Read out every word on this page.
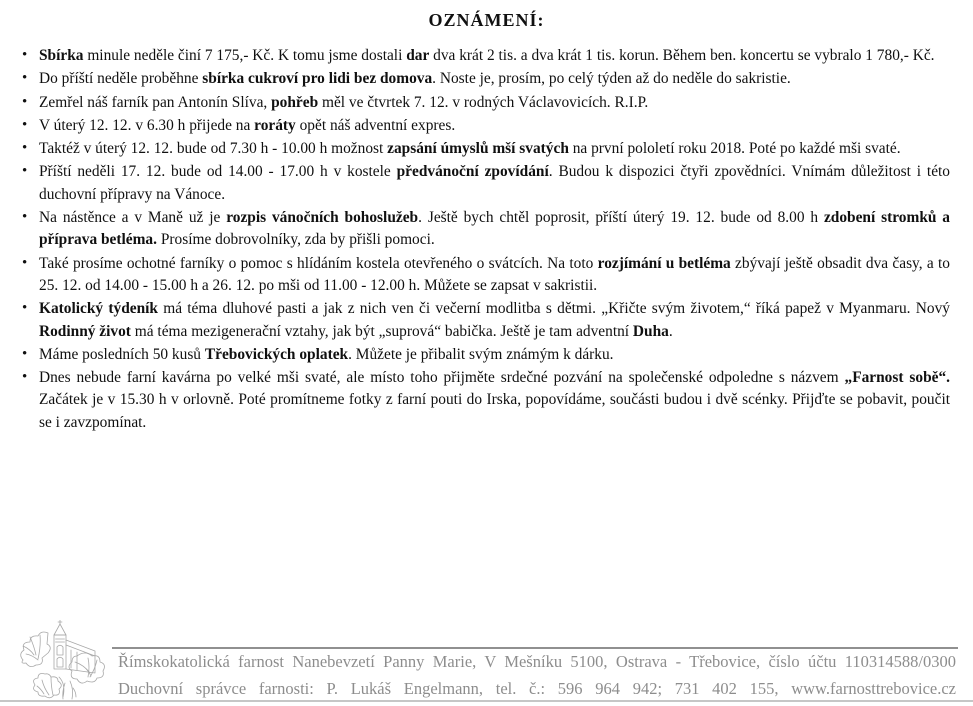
OZNÁMENÍ:
• Sbírka minule neděle činí 7 175,- Kč. K tomu jsme dostali dar dva krát 2 tis. a dva krát 1 tis. korun. Během ben. koncertu se vybralo 1 780,- Kč.
• Do příští neděle proběhne sbírka cukroví pro lidi bez domova. Noste je, prosím, po celý týden až do neděle do sakristie.
• Zemřel náš farník pan Antonín Slíva, pohřeb měl ve čtvrtek 7. 12. v rodných Václavovicích. R.I.P.
• V úterý 12. 12. v 6.30 h přijede na roráty opět náš adventní expres.
• Taktéž v úterý 12. 12. bude od 7.30 h - 10.00 h možnost zapsání úmyslů mší svatých na první pololetí roku 2018. Poté po každé mši svaté.
• Příští neděli 17. 12. bude od 14.00 - 17.00 h v kostele předvánoční zpovídání. Budou k dispozici čtyři zpovědníci. Vnímám důležitost i této duchovní přípravy na Vánoce.
• Na nástěnce a v Maně už je rozpis vánočních bohoslužeb. Ještě bych chtěl poprosit, příští úterý 19. 12. bude od 8.00 h zdobení stromků a příprava betléma. Prosíme dobrovolníky, zda by přišli pomoci.
• Také prosíme ochotné farníky o pomoc s hlídáním kostela otevřeného o svátcích. Na toto rozjímání u betléma zbývají ještě obsadit dva časy, a to 25. 12. od 14.00 - 15.00 h a 26. 12. po mši od 11.00 - 12.00 h. Můžete se zapsat v sakristii.
• Katolický týdeník má téma dluhové pasti a jak z nich ven či večerní modlitba s dětmi. „Křičte svým životem,“ říká papež v Myanmaru. Nový Rodinný život má téma mezigenerační vztahy, jak být „suprová“ babička. Ještě je tam adventní Duha.
• Máme posledních 50 kusů Třebovických oplatek. Můžete je přibalit svým známým k dárku.
• Dnes nebude farní kavárna po velké mši svaté, ale místo toho přijměte srdečné pozvání na společenské odpoledne s názvem „Farnost sobě“. Začátek je v 15.30 h v orlovně. Poté promítneme fotky z farní pouti do Irska, popovídáme, součásti budou i dvě scénky. Přijďte se pobavit, poučit se i zavzpomínat.
Římskokatolická farnost Nanebevzetí Panny Marie, V Mešníku 5100, Ostrava - Třebovice, číslo účtu 110314588/0300
Duchovní správce farnosti: P. Lukáš Engelmann, tel. č.: 596 964 942; 731 402 155, www.farnosttrebovice.cz
